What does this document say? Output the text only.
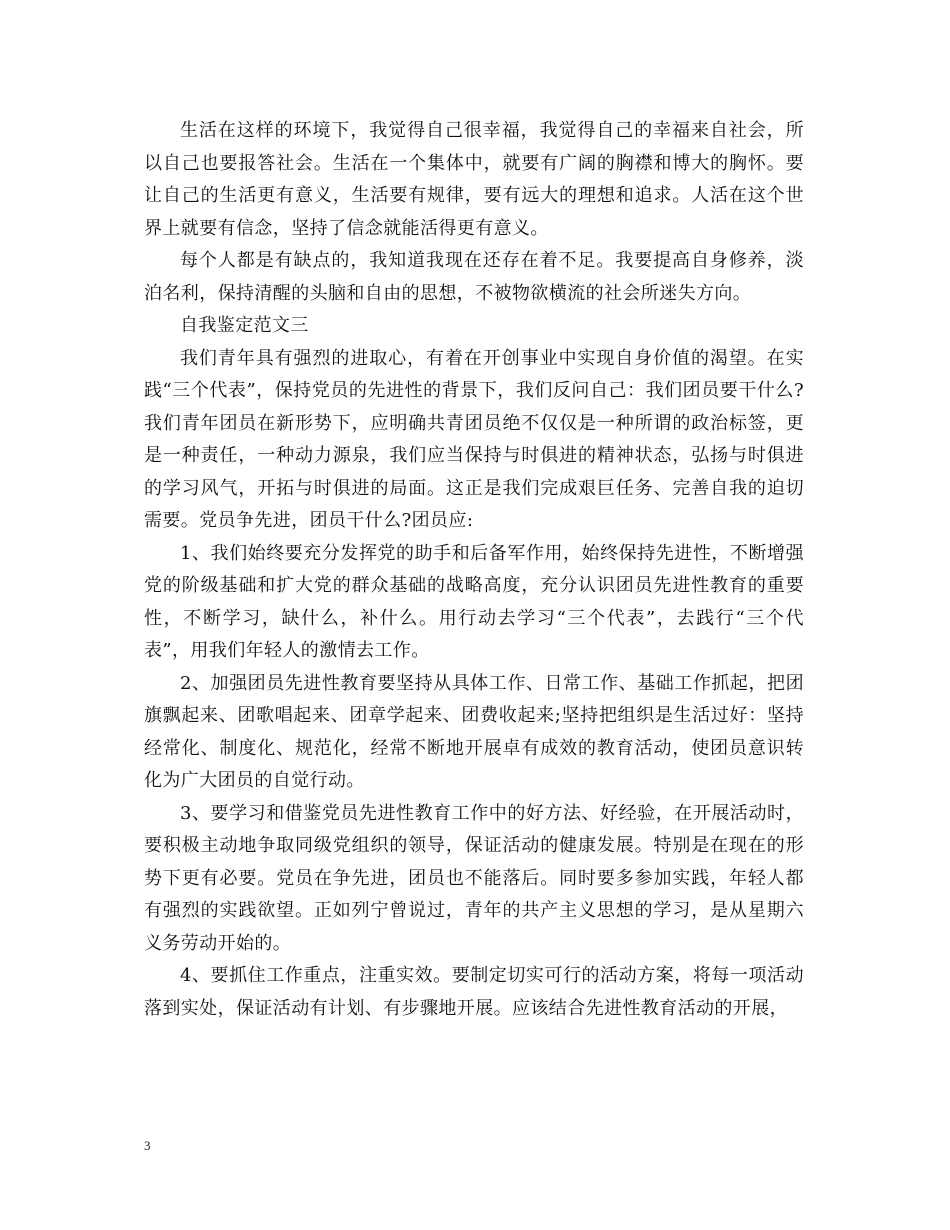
生活在这样的环境下，我觉得自己很幸福，我觉得自己的幸福来自社会，所以自己也要报答社会。生活在一个集体中，就要有广阔的胸襟和博大的胸怀。要让自己的生活更有意义，生活要有规律，要有远大的理想和追求。人活在这个世界上就要有信念，坚持了信念就能活得更有意义。

每个人都是有缺点的，我知道我现在还存在着不足。我要提高自身修养，淡泊名利，保持清醒的头脑和自由的思想，不被物欲横流的社会所迷失方向。

自我鉴定范文三

我们青年具有强烈的进取心，有着在开创事业中实现自身价值的渴望。在实践“三个代表”，保持党员的先进性的背景下，我们反问自己：我们团员要干什么?我们青年团员在新形势下，应明确共青团员绝不仅仅是一种所谓的政治标签，更是一种责任，一种动力源泉，我们应当保持与时俱进的精神状态，弘扬与时俱进的学习风气，开拓与时俱进的局面。这正是我们完成艰巨任务、完善自我的迫切需要。党员争先进，团员干什么?团员应:

1、我们始终要充分发挥党的助手和后备军作用，始终保持先进性，不断增强党的阶级基础和扩大党的群众基础的战略高度，充分认识团员先进性教育的重要性，不断学习，缺什么，补什么。用行动去学习“三个代表”，去践行“三个代表”，用我们年轻人的激情去工作。

2、加强团员先进性教育要坚持从具体工作、日常工作、基础工作抓起，把团旗飘起来、团歌唱起来、团章学起来、团费收起来;坚持把组织是生活过好：坚持经常化、制度化、规范化，经常不断地开展卓有成效的教育活动，使团员意识转化为广大团员的自觉行动。

3、要学习和借鉴党员先进性教育工作中的好方法、好经验，在开展活动时，要积极主动地争取同级党组织的领导，保证活动的健康发展。特别是在现在的形势下更有必要。党员在争先进，团员也不能落后。同时要多参加实践，年轻人都有强烈的实践欲望。正如列宁曾说过，青年的共产主义思想的学习，是从星期六义务劳动开始的。

4、要抓住工作重点，注重实效。要制定切实可行的活动方案，将每一项活动落到实处，保证活动有计划、有步骤地开展。应该结合先进性教育活动的开展，

3
